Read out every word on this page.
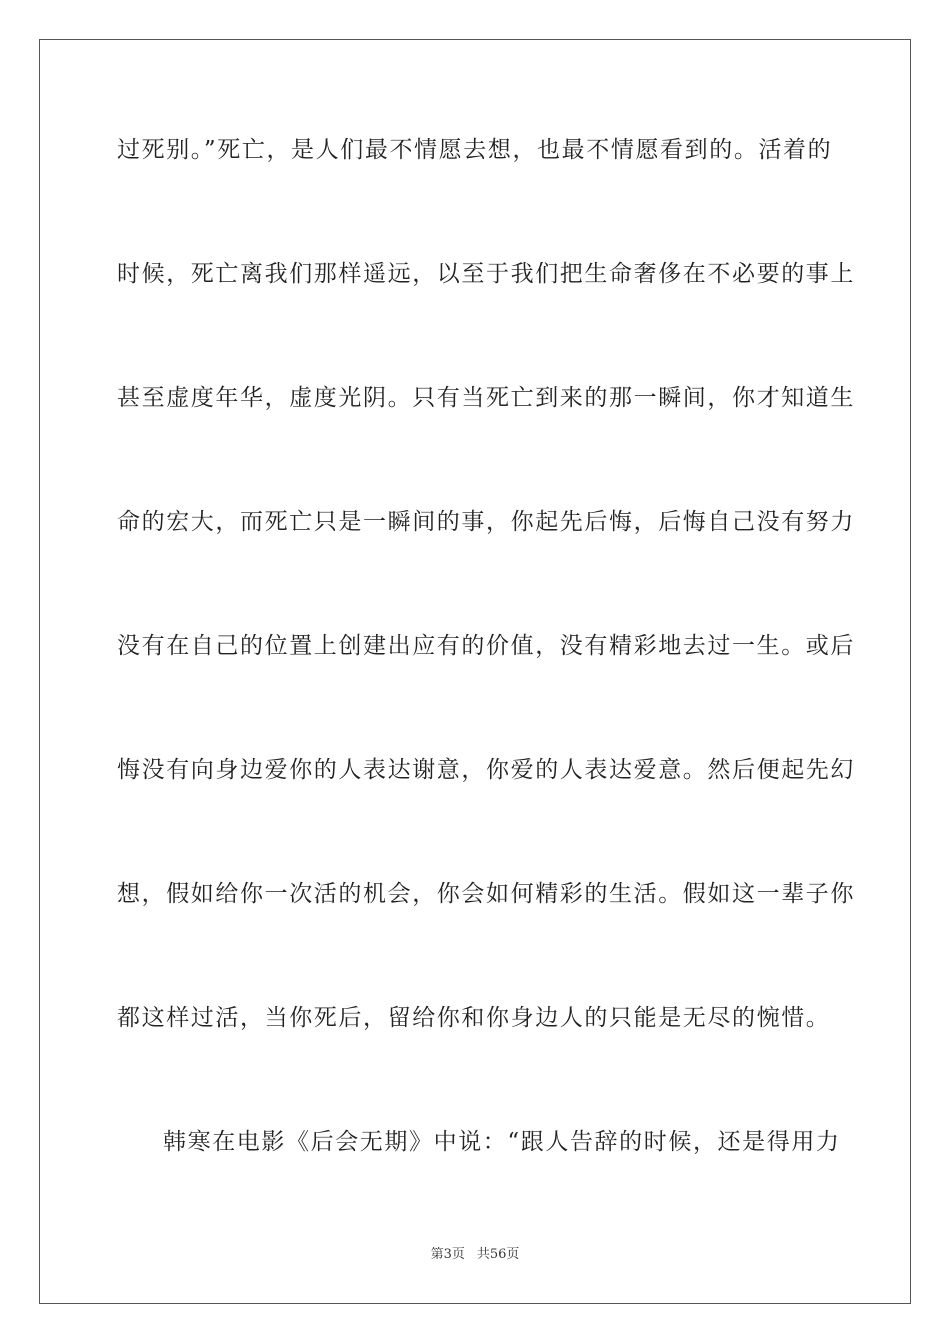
过死别。”死亡，是人们最不情愿去想，也最不情愿看到的。活着的
时候，死亡离我们那样遥远，以至于我们把生命奢侈在不必要的事上
甚至虚度年华，虚度光阴。只有当死亡到来的那一瞬间，你才知道生
命的宏大，而死亡只是一瞬间的事，你起先后悔，后悔自己没有努力
没有在自己的位置上创建出应有的价值，没有精彩地去过一生。或后
悔没有向身边爱你的人表达谢意，你爱的人表达爱意。然后便起先幻
想，假如给你一次活的机会，你会如何精彩的生活。假如这一辈子你
都这样过活，当你死后，留给你和你身边人的只能是无尽的惋惜。
韩寒在电影《后会无期》中说：“跟人告辞的时候，还是得用力
第3页 共56页
